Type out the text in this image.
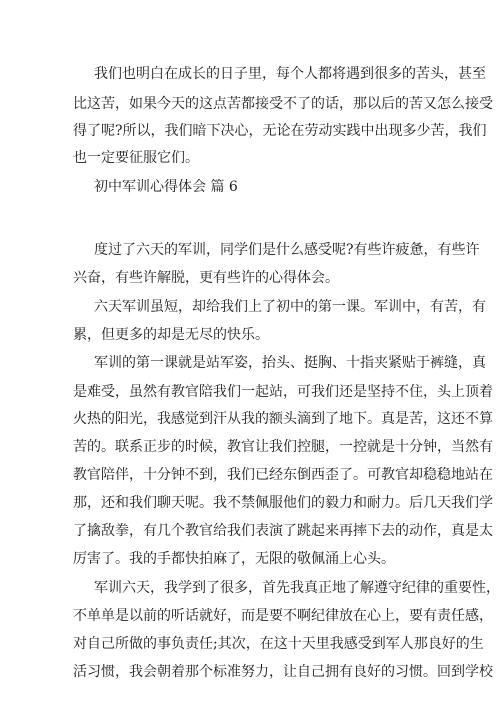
我们也明白在成长的日子里，每个人都将遇到很多的苦头，甚至

比这苦，如果今天的这点苦都接受不了的话，那以后的苦又怎么接受

得了呢?所以，我们暗下决心，无论在劳动实践中出现多少苦，我们

也一定要征服它们。

初中军训心得体会 篇 6

度过了六天的军训，同学们是什么感受呢?有些许疲惫，有些许

兴奋，有些许解脱，更有些许的心得体会。

六天军训虽短，却给我们上了初中的第一课。军训中，有苦，有

累，但更多的却是无尽的快乐。

军训的第一课就是站军姿，抬头、挺胸、十指夹紧贴于裤缝，真

是难受，虽然有教官陪我们一起站，可我们还是坚持不住，头上顶着

火热的阳光，我感觉到汗从我的额头滴到了地下。真是苦，这还不算

苦的。联系正步的时候，教官让我们控腿，一控就是十分钟，当然有

教官陪伴，十分钟不到，我们已经东倒西歪了。可教官却稳稳地站在

那，还和我们聊天呢。我不禁佩服他们的毅力和耐力。后几天我们学

了擒敌拳，有几个教官给我们表演了跳起来再摔下去的动作，真是太

厉害了。我的手都快拍麻了，无限的敬佩涌上心头。

军训六天，我学到了很多，首先我真正地了解遵守纪律的重要性，

不单单是以前的听话就好，而是要不啊纪律放在心上，要有责任感，

对自己所做的事负责任;其次，在这十天里我感受到军人那良好的生

活习惯，我会朝着那个标准努力，让自己拥有良好的习惯。回到学校
